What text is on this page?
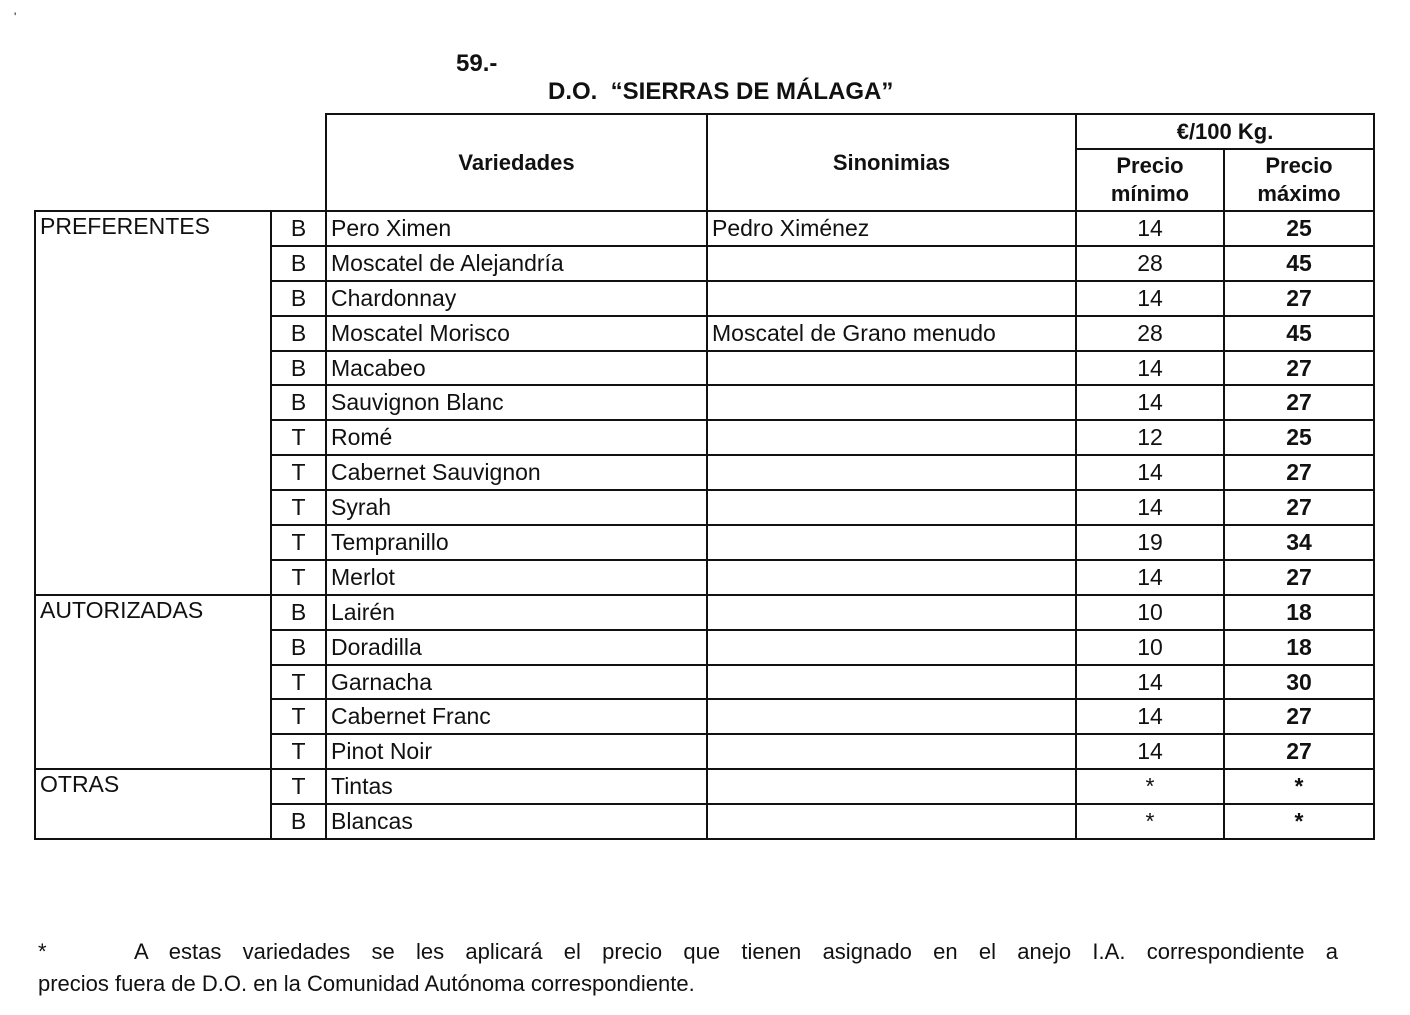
'

59.-

D.O.  “SIERRAS DE MÁLAGA”

		Variedades	Sinonimias	€/100 Kg.	

				Precio mínimo	Precio máximo

PREFERENTES	B	Pero Ximen	Pedro Ximénez	14	25
	B	Moscatel de Alejandría		28	45
	B	Chardonnay		14	27
	B	Moscatel Morisco	Moscatel de Grano menudo	28	45
	B	Macabeo		14	27
	B	Sauvignon Blanc		14	27
	T	Romé		12	25
	T	Cabernet Sauvignon		14	27
	T	Syrah		14	27
	T	Tempranillo		19	34
	T	Merlot		14	27
AUTORIZADAS	B	Lairén		10	18
	B	Doradilla		10	18
	T	Garnacha		14	30
	T	Cabernet Franc		14	27
	T	Pinot Noir		14	27
OTRAS	T	Tintas		*	*
	B	Blancas		*	*
*	A estas variedades se les aplicará el precio que tienen asignado en el anejo I.A. correspondiente a
precios fuera de D.O. en la Comunidad Autónoma correspondiente.
